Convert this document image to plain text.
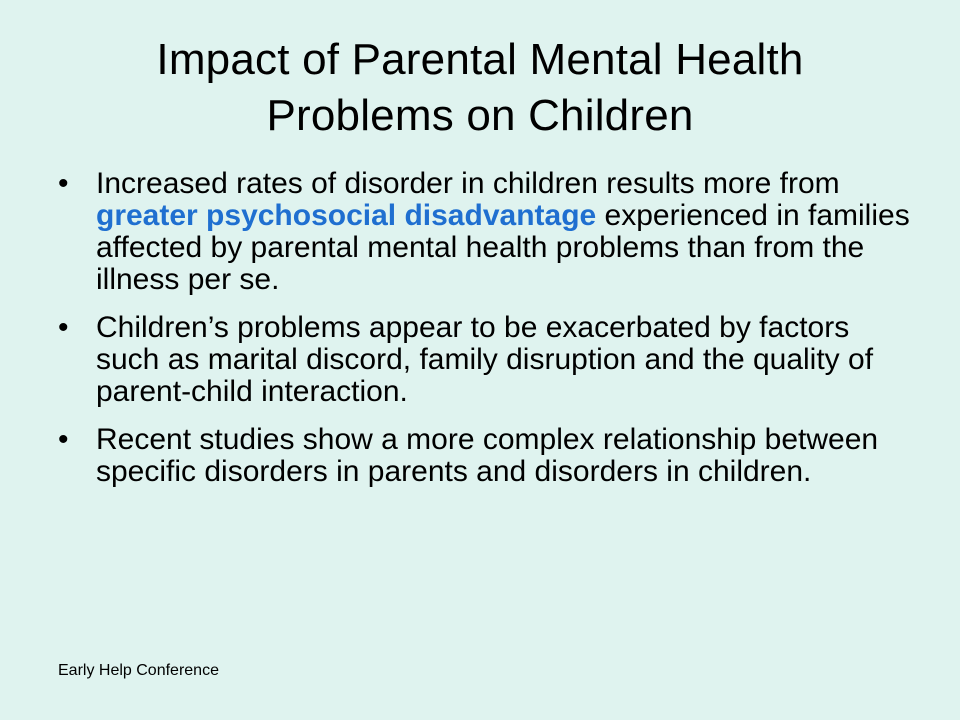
Impact of Parental Mental Health
Problems on Children
• Increased rates of disorder in children results more from greater psychosocial disadvantage experienced in families affected by parental mental health problems than from the illness per se.
• Children’s problems appear to be exacerbated by factors such as marital discord, family disruption and the quality of parent-child interaction.
• Recent studies show a more complex relationship between specific disorders in parents and disorders in children.
Early Help Conference
